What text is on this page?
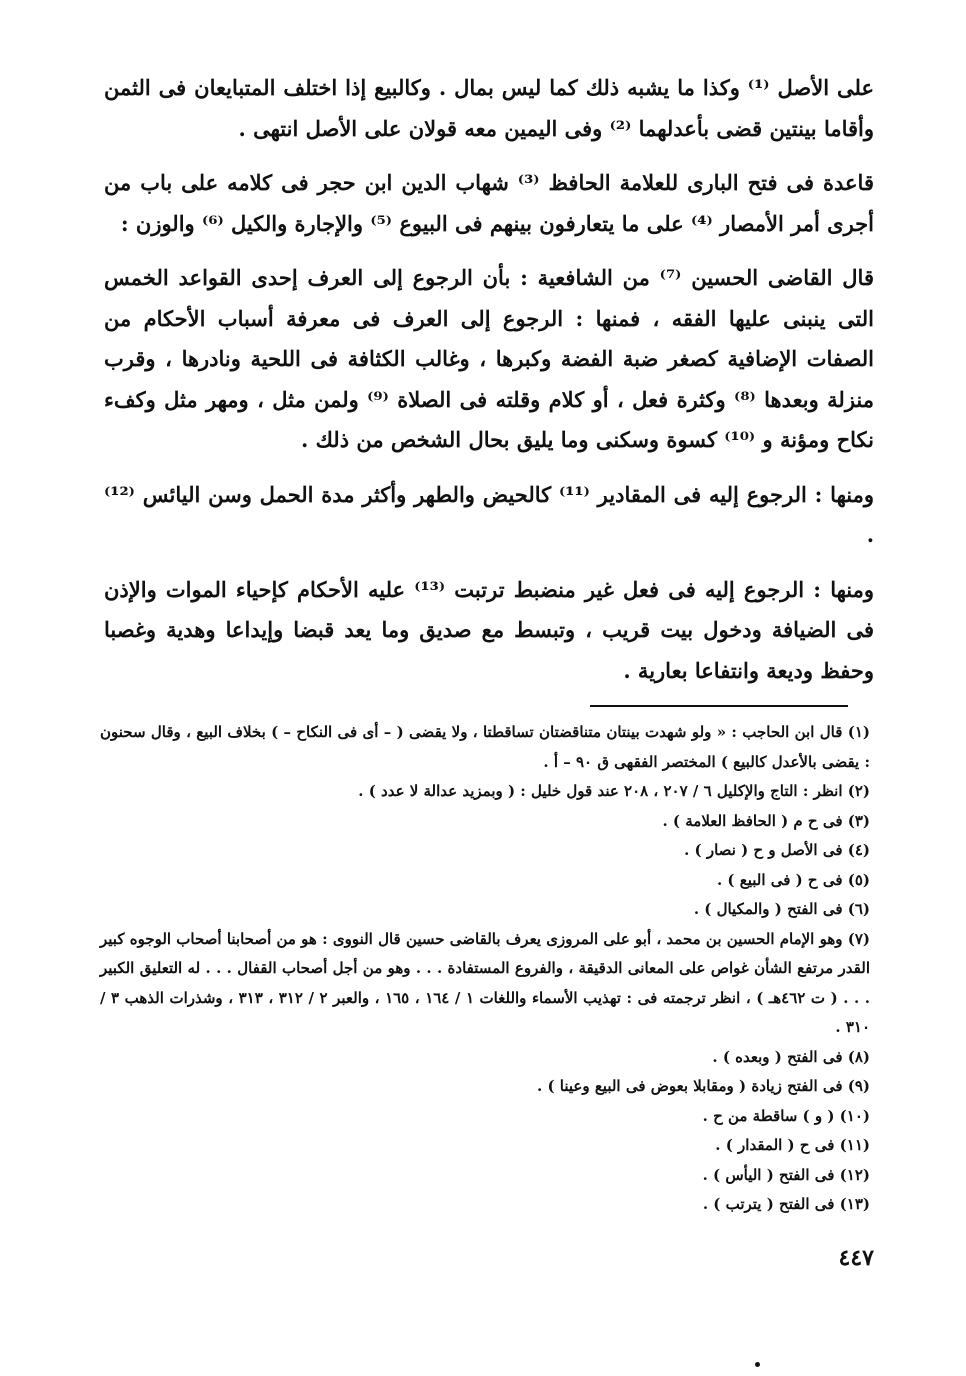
على الأصل ⁽¹⁾ وكذا ما يشبه ذلك كما ليس بمال . وكالبيع إذا اختلف المتبايعان فى الثمن وأقاما بينتين قضى بأعدلهما ⁽²⁾ وفى اليمين معه قولان على الأصل انتهى .

قاعدة فى فتح البارى للعلامة الحافظ ⁽³⁾ شهاب الدين ابن حجر فى كلامه على باب من أجرى أمر الأمصار ⁽⁴⁾ على ما يتعارفون بينهم فى البيوع ⁽⁵⁾ والإجارة والكيل ⁽⁶⁾ والوزن :

قال القاضى الحسين ⁽⁷⁾ من الشافعية : بأن الرجوع إلى العرف إحدى القواعد الخمس التى ينبنى عليها الفقه ، فمنها : الرجوع إلى العرف فى معرفة أسباب الأحكام من الصفات الإضافية كصغر ضبة الفضة وكبرها ، وغالب الكثافة فى اللحية ونادرها ، وقرب منزلة وبعدها ⁽⁸⁾ وكثرة فعل ، أو كلام وقلته فى الصلاة ⁽⁹⁾ ولمن مثل ، ومهر مثل وكفء نكاح ومؤنة و ⁽¹⁰⁾ كسوة وسكنى وما يليق بحال الشخص من ذلك .

ومنها : الرجوع إليه فى المقادير ⁽¹¹⁾ كالحيض والطهر وأكثر مدة الحمل وسن اليائس ⁽¹²⁾ .

ومنها : الرجوع إليه فى فعل غير منضبط ترتبت ⁽¹³⁾ عليه الأحكام كإحياء الموات والإذن فى الضيافة ودخول بيت قريب ، وتبسط مع صديق وما يعد قبضا وإيداعا وهدية وغصبا وحفظ وديعة وانتفاعا بعارية .

(١) قال ابن الحاجب : « ولو شهدت بينتان متناقضتان تساقطتا ، ولا يقضى ( – أى فى النكاح – ) بخلاف البيع ، وقال سحنون : يقضى بالأعدل كالبيع ) المختصر الفقهى ق ٩٠ – أ .

(٢) انظر : التاج والإكليل ٦ / ٢٠٧ ، ٢٠٨ عند قول خليل : ( وبمزيد عدالة لا عدد ) .

(٣) فى ح م ( الحافظ العلامة ) .

(٤) فى الأصل و ح ( نصار ) .

(٥) فى ح ( فى البيع ) .

(٦) فى الفتح ( والمكيال ) .

(٧) وهو الإمام الحسين بن محمد ، أبو على المروزى يعرف بالقاضى حسين قال النووى : هو من أصحابنا أصحاب الوجوه كبير القدر مرتفع الشأن غواص على المعانى الدقيقة ، والفروع المستفادة . . . وهو من أجل أصحاب القفال . . . له التعليق الكبير . . . ( ت ٤٦٢هـ ) ، انظر ترجمته فى : تهذيب الأسماء واللغات ١ / ١٦٤ ، ١٦٥ ، والعبر ٢ / ٣١٢ ، ٣١٣ ، وشذرات الذهب ٣ / ٣١٠ .

(٨) فى الفتح ( وبعده ) .

(٩) فى الفتح زيادة ( ومقابلا بعوض فى البيع وعينا ) .

(١٠) ( و ) ساقطة من ح .

(١١) فى ح ( المقدار ) .

(١٢) فى الفتح ( اليأس ) .

(١٣) فى الفتح ( يترتب ) .

٤٤٧
